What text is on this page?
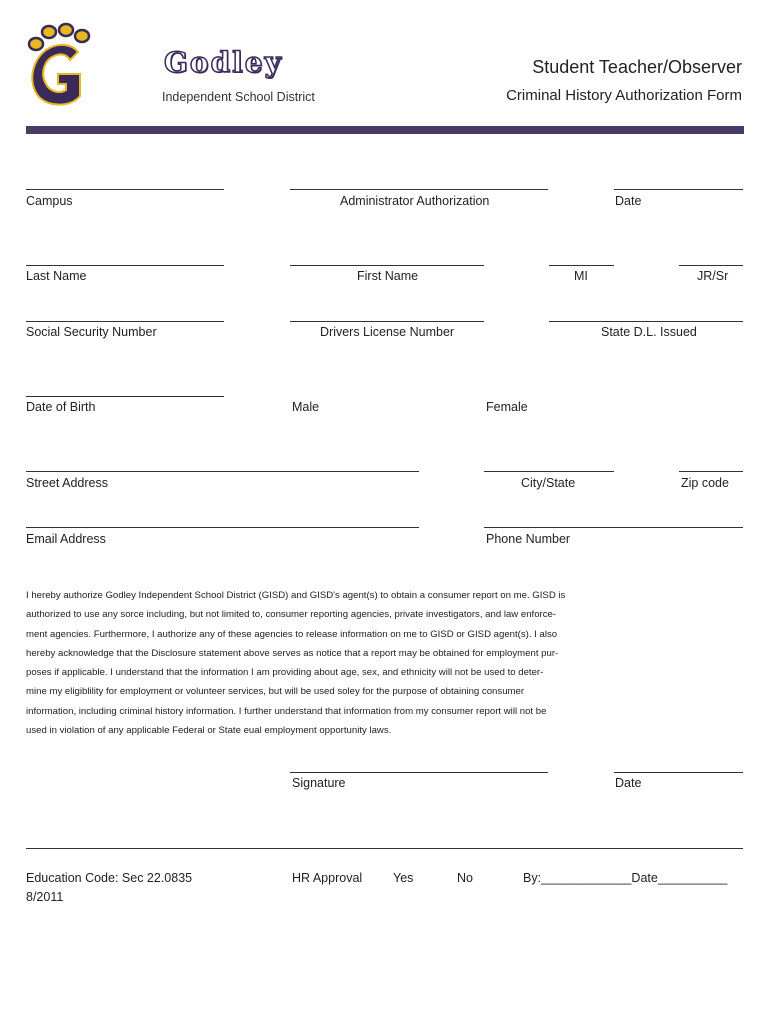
Godley
Independent School District
Student Teacher/Observer
Criminal History Authorization Form
Campus	Administrator Authorization	Date
Last Name	First Name	MI	JR/Sr
Social Security Number	Drivers License Number	State D.L. Issued
Date of Birth	Male	Female
Street Address	City/State	Zip code
Email Address	Phone Number
I hereby authorize Godley Independent School District (GISD) and GISD's agent(s) to obtain a consumer report on me. GISD is
authorized to use any sorce including, but not limited to, consumer reporting agencies, private investigators, and law enforce-
ment agencies. Furthermore, I authorize any of these agencies to release information on me to GISD or GISD agent(s). I also
hereby acknowledge that the Disclosure statement above serves as notice that a report may be obtained for employment pur-
poses if applicable. I understand that the information I am providing about age, sex, and ethnicity will not be used to deter-
mine my eligiblility for employment or volunteer services, but will be used soley for the purpose of obtaining consumer
information, including criminal history information. I further understand that information from my consumer report will not be
used in violation of any applicable Federal or State eual employment opportunity laws.
Signature	Date
Education Code: Sec 22.0835
8/2011
HR Approval Yes	No	By:_____________Date__________
